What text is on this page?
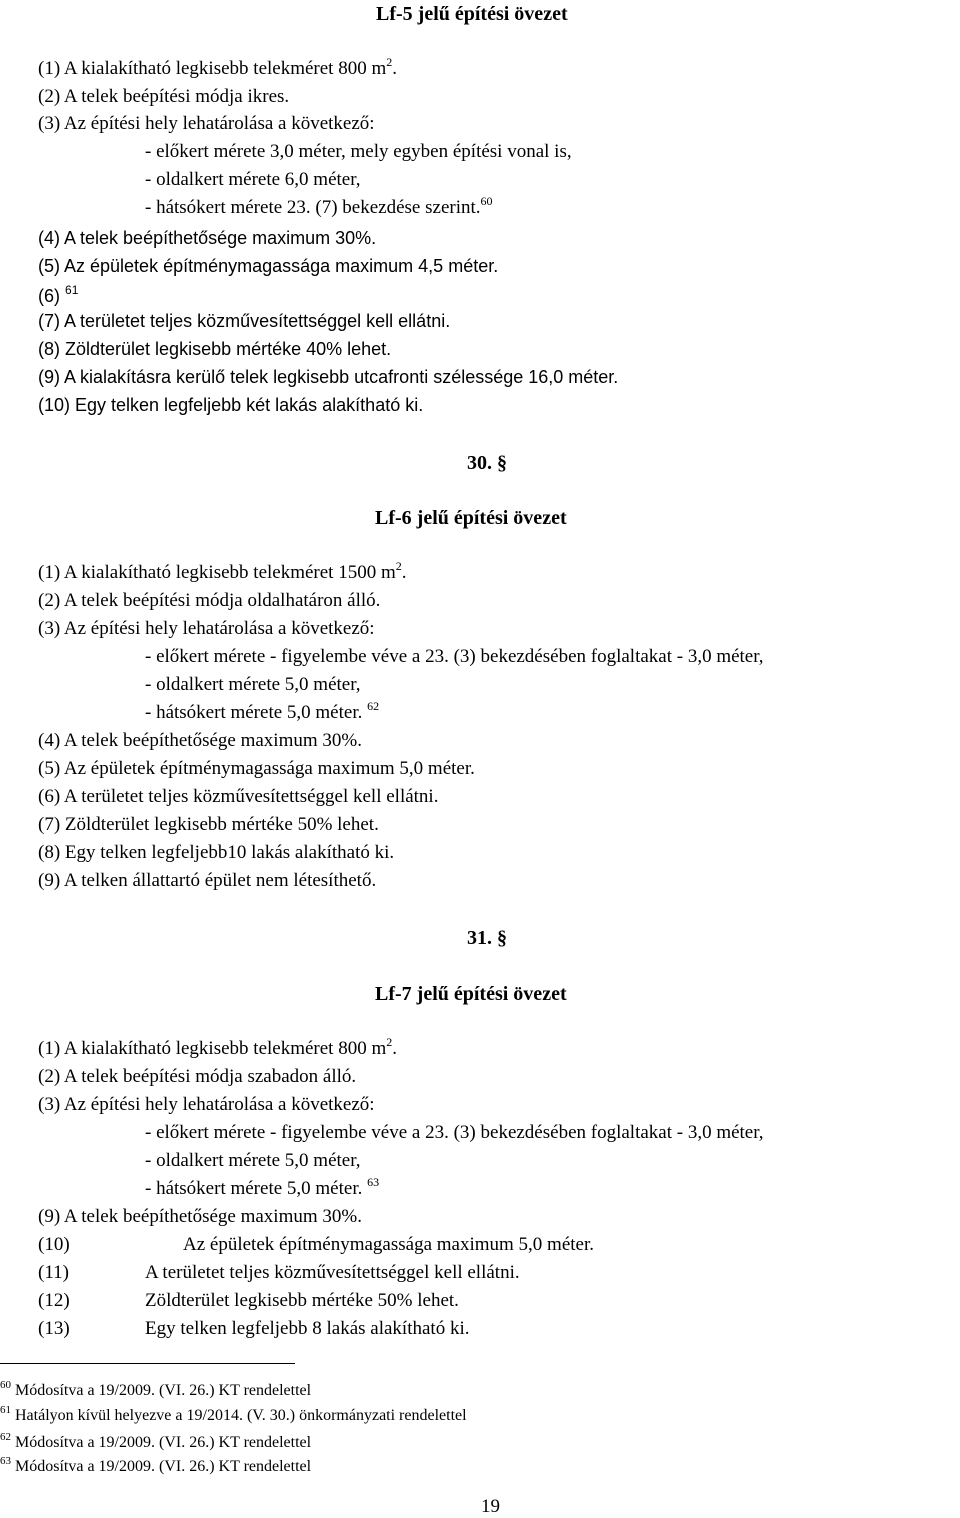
Lf-5 jelű építési övezet
(1) A kialakítható legkisebb telekméret 800 $m^2$.
(2) A telek beépítési módja ikres.
(3) Az építési hely lehatárolása a következő:
- előkert mérete 3,0 méter, mely egyben építési vonal is,
- oldalkert mérete 6,0 méter,
- hátsókert mérete 23. (7) bekezdése szerint.$^{60}$
(4) A telek beépíthetősége maximum 30%.
(5) Az épületek építménymagassága maximum 4,5 méter.
(6) $^{61}$
(7) A területet teljes közművesítettséggel kell ellátni.
(8) Zöldterület legkisebb mértéke 40% lehet.
(9) A kialakításra kerülő telek legkisebb utcafronti szélessége 16,0 méter.
(10) Egy telken legfeljebb két lakás alakítható ki.
30. §
Lf-6 jelű építési övezet
(1) A kialakítható legkisebb telekméret 1500 $m^2$.
(2) A telek beépítési módja oldalhatáron álló.
(3) Az építési hely lehatárolása a következő:
- előkert mérete - figyelembe véve a 23. (3) bekezdésében foglaltakat - 3,0 méter,
- oldalkert mérete 5,0 méter,
- hátsókert mérete 5,0 méter. $^{62}$
(4) A telek beépíthetősége maximum 30%.
(5) Az épületek építménymagassága maximum 5,0 méter.
(6) A területet teljes közművesítettséggel kell ellátni.
(7) Zöldterület legkisebb mértéke 50% lehet.
(8) Egy telken legfeljebb10 lakás alakítható ki.
(9) A telken állattartó épület nem létesíthető.
31. §
Lf-7 jelű építési övezet
(1) A kialakítható legkisebb telekméret 800 $m^2$.
(2) A telek beépítési módja szabadon álló.
(3) Az építési hely lehatárolása a következő:
- előkert mérete - figyelembe véve a 23. (3) bekezdésében foglaltakat - 3,0 méter,
- oldalkert mérete 5,0 méter,
- hátsókert mérete 5,0 méter. $^{63}$
(9) A telek beépíthetősége maximum 30%.
(10)	Az épületek építménymagassága maximum 5,0 méter.
(11)	A területet teljes közművesítettséggel kell ellátni.
(12)	Zöldterület legkisebb mértéke 50% lehet.
(13)	Egy telken legfeljebb 8 lakás alakítható ki.
$^{60}$ Módosítva a 19/2009. (VI. 26.) KT rendelettel
$^{61}$ Hatályon kívül helyezve a 19/2014. (V. 30.) önkormányzati rendelettel
$^{62}$ Módosítva a 19/2009. (VI. 26.) KT rendelettel
$^{63}$ Módosítva a 19/2009. (VI. 26.) KT rendelettel
19
